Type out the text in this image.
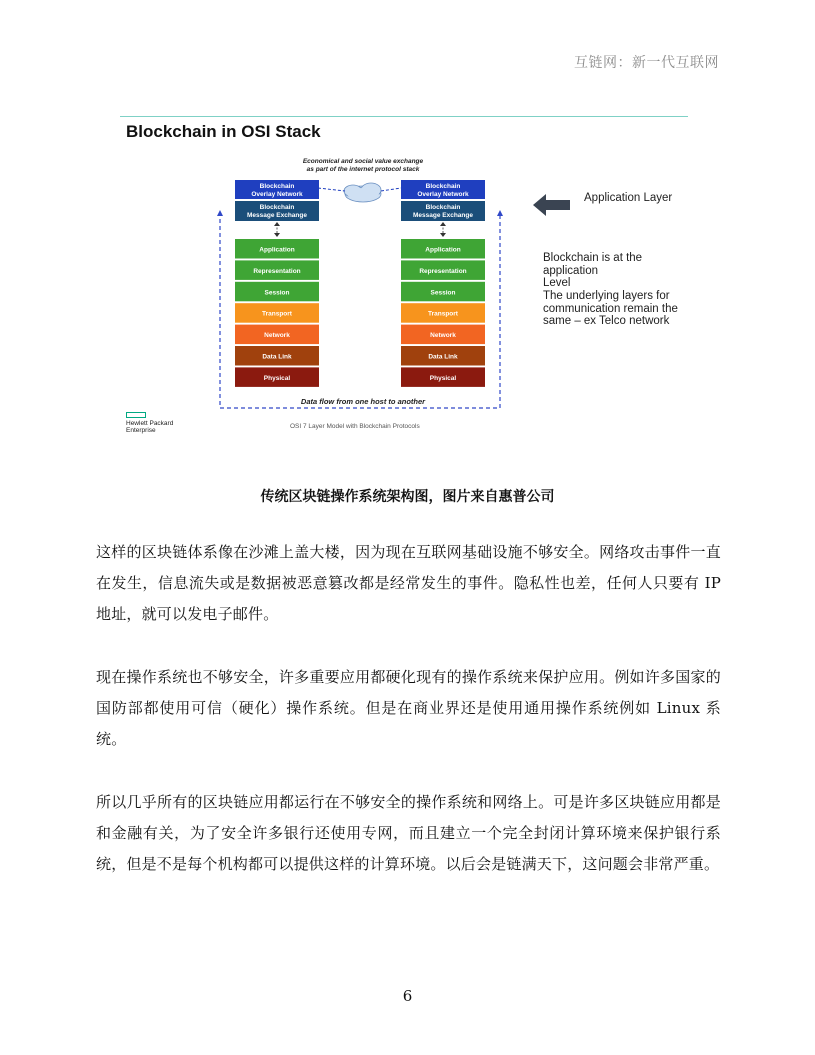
互链网：新一代互联网
Blockchain in OSI Stack
Economical and social value exchange
as part of the internet protocol stack
Blockchain
Overlay Network
Blockchain
Message Exchange
Blockchain
Overlay Network
Blockchain
Message Exchange
Application
Representation
Session
Transport
Network
Data Link
Physical
Application
Representation
Session
Transport
Network
Data Link
Physical
Data flow from one host to another
Application Layer
Blockchain is at the application
Level
The underlying layers for
communication remain the
same – ex Telco network
Hewlett Packard
Enterprise
OSI 7 Layer Model with Blockchain Protocols
传统区块链操作系统架构图，图片来自惠普公司
这样的区块链体系像在沙滩上盖大楼，因为现在互联网基础设施不够安全。网络攻击事件一直在发生，信息流失或是数据被恶意篡改都是经常发生的事件。隐私性也差，任何人只要有 IP 地址，就可以发电子邮件。
现在操作系统也不够安全，许多重要应用都硬化现有的操作系统来保护应用。例如许多国家的国防部都使用可信（硬化）操作系统。但是在商业界还是使用通用操作系统例如 Linux 系统。
所以几乎所有的区块链应用都运行在不够安全的操作系统和网络上。可是许多区块链应用都是和金融有关，为了安全许多银行还使用专网，而且建立一个完全封闭计算环境来保护银行系统，但是不是每个机构都可以提供这样的计算环境。以后会是链满天下，这问题会非常严重。
6
